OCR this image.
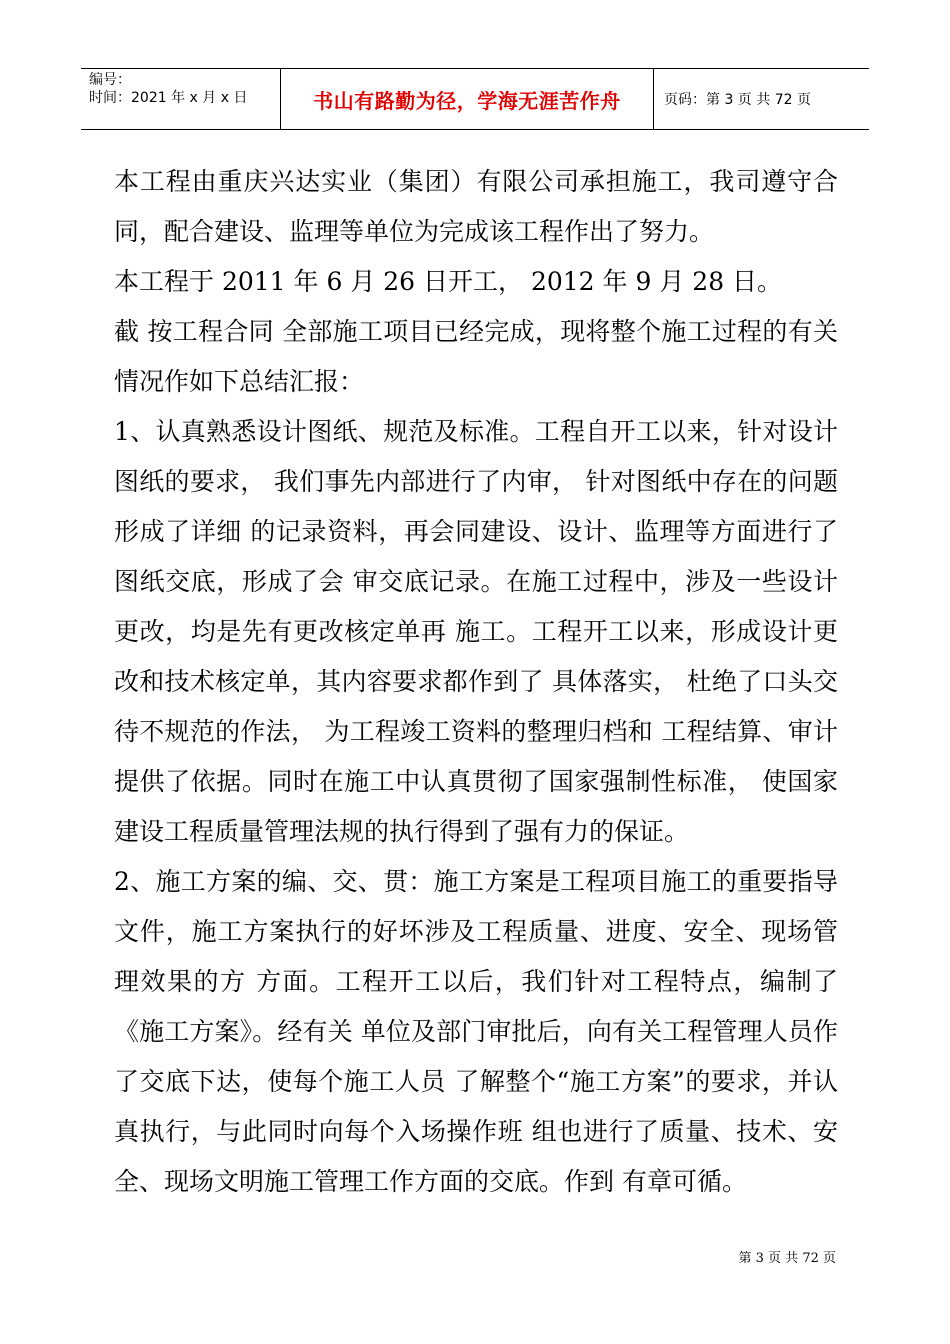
编号：
时间：2021 年 x 月 x 日	书山有路勤为径，学海无涯苦作舟	页码：第 3 页 共 72 页

本工程由重庆兴达实业（集团）有限公司承担施工，我司遵守合同，配合建设、监理等单位为完成该工程作出了努力。

本工程于 2011 年 6 月 26 日开工， 2012 年 9 月 28 日。

截 按工程合同 全部施工项目已经完成，现将整个施工过程的有关情况作如下总结汇报：

1、认真熟悉设计图纸、规范及标准。工程自开工以来，针对设计图纸的要求， 我们事先内部进行了内审， 针对图纸中存在的问题形成了详细 的记录资料，再会同建设、设计、监理等方面进行了图纸交底，形成了会 审交底记录。在施工过程中，涉及一些设计更改，均是先有更改核定单再 施工。工程开工以来，形成设计更改和技术核定单，其内容要求都作到了 具体落实， 杜绝了口头交待不规范的作法， 为工程竣工资料的整理归档和 工程结算、审计提供了依据。同时在施工中认真贯彻了国家强制性标准， 使国家建设工程质量管理法规的执行得到了强有力的保证。

2、施工方案的编、交、贯：施工方案是工程项目施工的重要指导文件，施工方案执行的好坏涉及工程质量、进度、安全、现场管理效果的方 方面。工程开工以后，我们针对工程特点，编制了《施工方案》。经有关 单位及部门审批后，向有关工程管理人员作了交底下达，使每个施工人员 了解整个“施工方案”的要求，并认真执行，与此同时向每个入场操作班 组也进行了质量、技术、安全、现场文明施工管理工作方面的交底。作到 有章可循。

第 3 页 共 72 页
